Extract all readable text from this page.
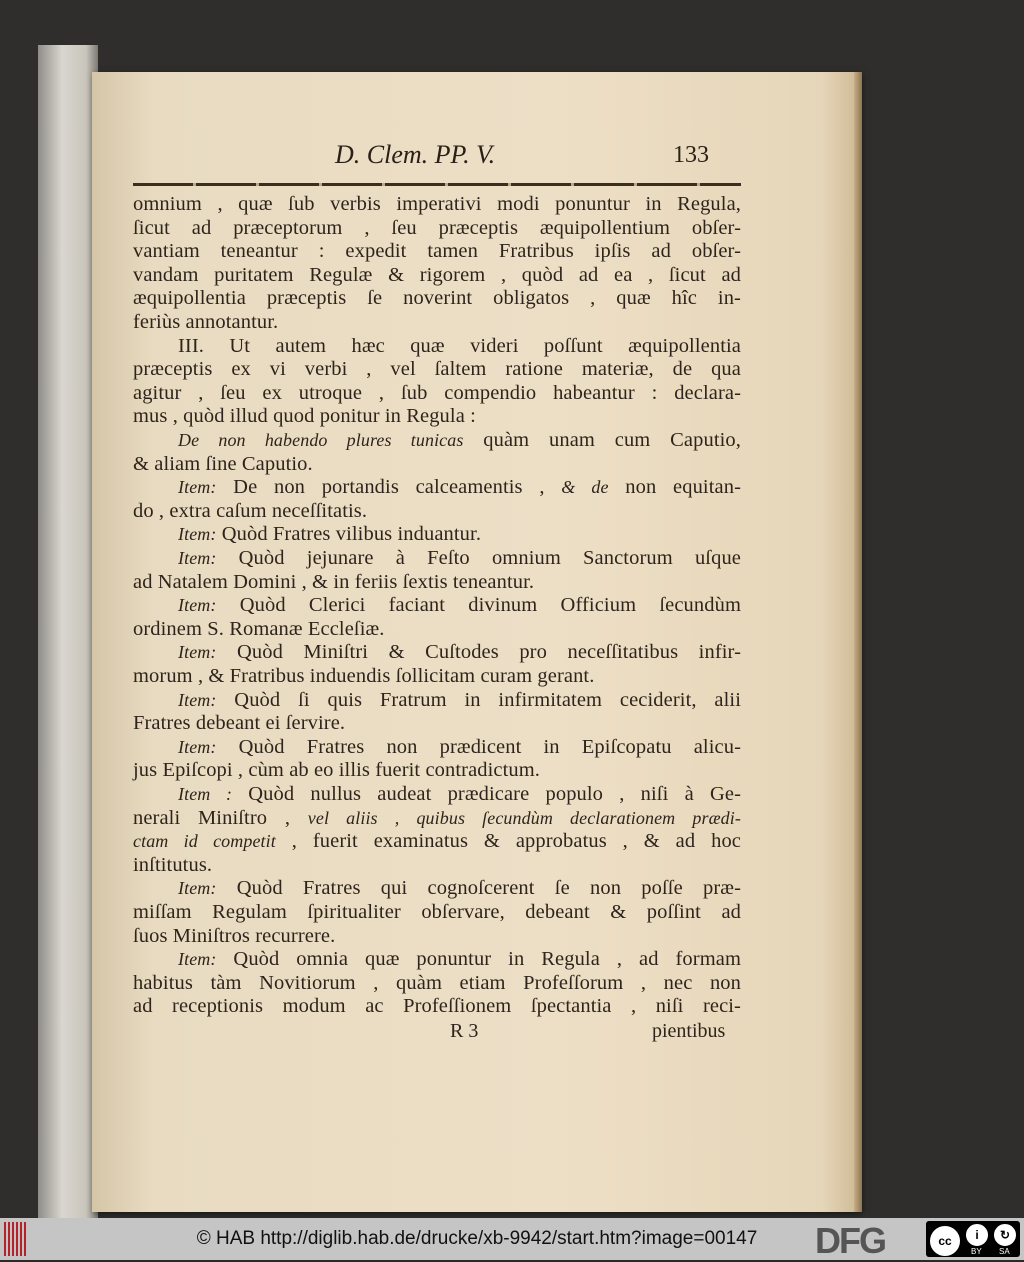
D. Clem. PP. V.	133
omnium , quæ ſub verbis imperativi modi ponuntur in Regula,
ſicut ad præceptorum , ſeu præceptis æquipollentium obſer-
vantiam teneantur : expedit tamen Fratribus ipſis ad obſer-
vandam puritatem Regulæ & rigorem , quòd ad ea , ſicut ad
æquipollentia præceptis ſe noverint obligatos , quæ hîc in-
feriùs annotantur.
III. Ut autem hæc quæ videri poſſunt æquipollentia
præceptis ex vi verbi , vel ſaltem ratione materiæ, de qua
agitur , ſeu ex utroque , ſub compendio habeantur : declara-
mus , quòd illud quod ponitur in Regula :
De non habendo plures tunicas quàm unam cum Caputio,
& aliam ſine Caputio.
Item: De non portandis calceamentis , & de non equitan-
do , extra caſum neceſſitatis.
Item: Quòd Fratres vilibus induantur.
Item: Quòd jejunare à Feſto omnium Sanctorum uſque
ad Natalem Domini , & in feriis ſextis teneantur.
Item: Quòd Clerici faciant divinum Officium ſecundùm
ordinem S. Romanæ Eccleſiæ.
Item: Quòd Miniſtri & Cuſtodes pro neceſſitatibus infir-
morum , & Fratribus induendis ſollicitam curam gerant.
Item: Quòd ſi quis Fratrum in infirmitatem ceciderit, alii
Fratres debeant ei ſervire.
Item: Quòd Fratres non prædicent in Epiſcopatu alicu-
jus Epiſcopi , cùm ab eo illis fuerit contradictum.
Item : Quòd nullus audeat prædicare populo , niſi à Ge-
nerali Miniſtro , vel aliis , quibus ſecundùm declarationem prædi-
ctam id competit , fuerit examinatus & approbatus , & ad hoc
inſtitutus.
Item: Quòd Fratres qui cognoſcerent ſe non poſſe præ-
miſſam Regulam ſpiritualiter obſervare, debeant & poſſint ad
ſuos Miniſtros recurrere.
Item: Quòd omnia quæ ponuntur in Regula , ad formam
habitus tàm Novitiorum , quàm etiam Profeſſorum , nec non
ad receptionis modum ac Profeſſionem ſpectantia , niſi reci-
R 3	pientibus
© HAB http://diglib.hab.de/drucke/xb-9942/start.htm?image=00147	DFG	cc	i	↻
BY SA
